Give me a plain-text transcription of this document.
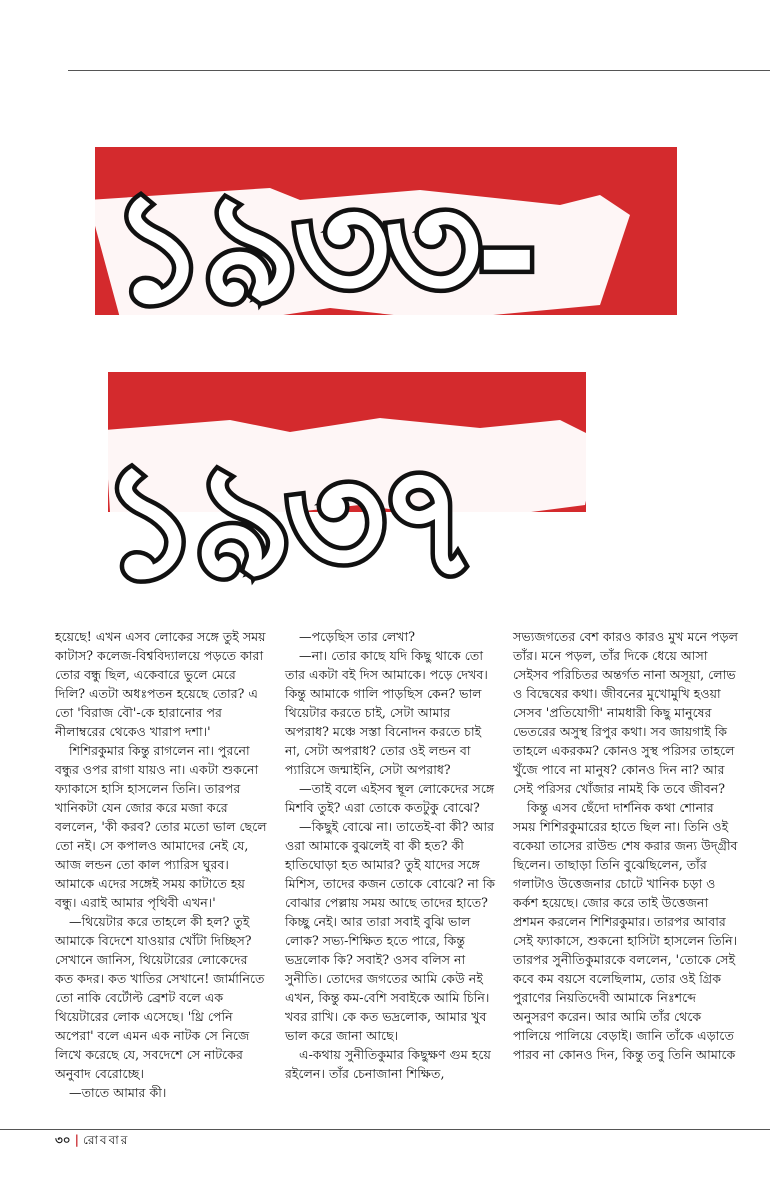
১৯৩৩-
১৯৩৭

হয়েছে! এখন এসব লোকের সঙ্গে তুই সময় কাটাস? কলেজ-বিশ্ববিদ্যালয়ে পড়তে কারা তোর বন্ধু ছিল, একেবারে ভুলে মেরে দিলি? এতটা অধঃপতন হয়েছে তোর? এ তো 'বিরাজ বৌ'-কে হারানোর পর নীলাম্বরের থেকেও খারাপ দশা।'

শিশিরকুমার কিন্তু রাগলেন না। পুরনো বন্ধুর ওপর রাগা যায়ও না। একটা শুকনো ফ্যাকাসে হাসি হাসলেন তিনি। তারপর খানিকটা যেন জোর করে মজা করে বললেন, 'কী করব? তোর মতো ভাল ছেলে তো নই। সে কপালও আমাদের নেই যে, আজ লন্ডন তো কাল প্যারিস ঘুরব। আমাকে এদের সঙ্গেই সময় কাটাতে হয় বন্ধু। এরাই আমার পৃথিবী এখন।'

—থিয়েটার করে তাহলে কী হল? তুই আমাকে বিদেশে যাওয়ার খোঁটা দিচ্ছিস? সেখানে জানিস, থিয়েটারের লোকেদের কত কদর। কত খাতির সেখানে! জার্মানিতে তো নাকি বের্টোল্ট ব্রেশট বলে এক থিয়েটারের লোক এসেছে। 'থ্রি পেনি অপেরা' বলে এমন এক নাটক সে নিজে লিখে করেছে যে, সবদেশে সে নাটকের অনুবাদ বেরোচ্ছে।

—তাতে আমার কী।

—পড়েছিস তার লেখা?

—না। তোর কাছে যদি কিছু থাকে তো তার একটা বই দিস আমাকে। পড়ে দেখব। কিন্তু আমাকে গালি পাড়ছিস কেন? ভাল থিয়েটার করতে চাই, সেটা আমার অপরাধ? মঞ্চে সস্তা বিনোদন করতে চাই না, সেটা অপরাধ? তোর ওই লন্ডন বা প্যারিসে জন্মাইনি, সেটা অপরাধ?

—তাই বলে এইসব স্থূল লোকেদের সঙ্গে মিশবি তুই? এরা তোকে কতটুকু বোঝে?

—কিছুই বোঝে না। তাতেই-বা কী? আর ওরা আমাকে বুঝলেই বা কী হত? কী হাতিঘোড়া হত আমার? তুই যাদের সঙ্গে মিশিস, তাদের কজন তোকে বোঝে? না কি বোঝার পেল্লায় সময় আছে তাদের হাতে? কিচ্ছু নেই। আর তারা সবাই বুঝি ভাল লোক? সভ্য-শিক্ষিত হতে পারে, কিন্তু ভদ্রলোক কি? সবাই? ওসব বলিস না সুনীতি। তোদের জগতের আমি কেউ নই এখন, কিন্তু কম-বেশি সবাইকে আমি চিনি। খবর রাখি। কে কত ভদ্রলোক, আমার খুব ভাল করে জানা আছে।

এ-কথায় সুনীতিকুমার কিছুক্ষণ গুম হয়ে রইলেন। তাঁর চেনাজানা শিক্ষিত,

সভ্যজগতের বেশ কারও কারও মুখ মনে পড়ল তাঁর। মনে পড়ল, তাঁর দিকে ধেয়ে আসা সেইসব পরিচিতর অন্তর্গত নানা অসূয়া, লোভ ও বিদ্বেষের কথা। জীবনের মুখোমুখি হওয়া সেসব 'প্রতিযোগী' নামধারী কিছু মানুষের ভেতরের অসুস্থ রিপুর কথা। সব জায়গাই কি তাহলে একরকম? কোনও সুস্থ পরিসর তাহলে খুঁজে পাবে না মানুষ? কোনও দিন না? আর সেই পরিসর খোঁজার নামই কি তবে জীবন?

কিন্তু এসব ছেঁদো দার্শনিক কথা শোনার সময় শিশিরকুমারের হাতে ছিল না। তিনি ওই বকেয়া তাসের রাউন্ড শেষ করার জন্য উদ্গ্রীব ছিলেন। তাছাড়া তিনি বুঝেছিলেন, তাঁর গলাটাও উত্তেজনার চোটে খানিক চড়া ও কর্কশ হয়েছে। জোর করে তাই উত্তেজনা প্রশমন করলেন শিশিরকুমার। তারপর আবার সেই ফ্যাকাসে, শুকনো হাসিটা হাসলেন তিনি। তারপর সুনীতিকুমারকে বললেন, 'তোকে সেই কবে কম বয়সে বলেছিলাম, তোর ওই গ্রিক পুরাণের নিয়তিদেবী আমাকে নিঃশব্দে অনুসরণ করেন। আর আমি তাঁর থেকে পালিয়ে পালিয়ে বেড়াই। জানি তাঁকে এড়াতে পারব না কোনও দিন, কিন্তু তবু তিনি আমাকে

৩০ | রোববার
